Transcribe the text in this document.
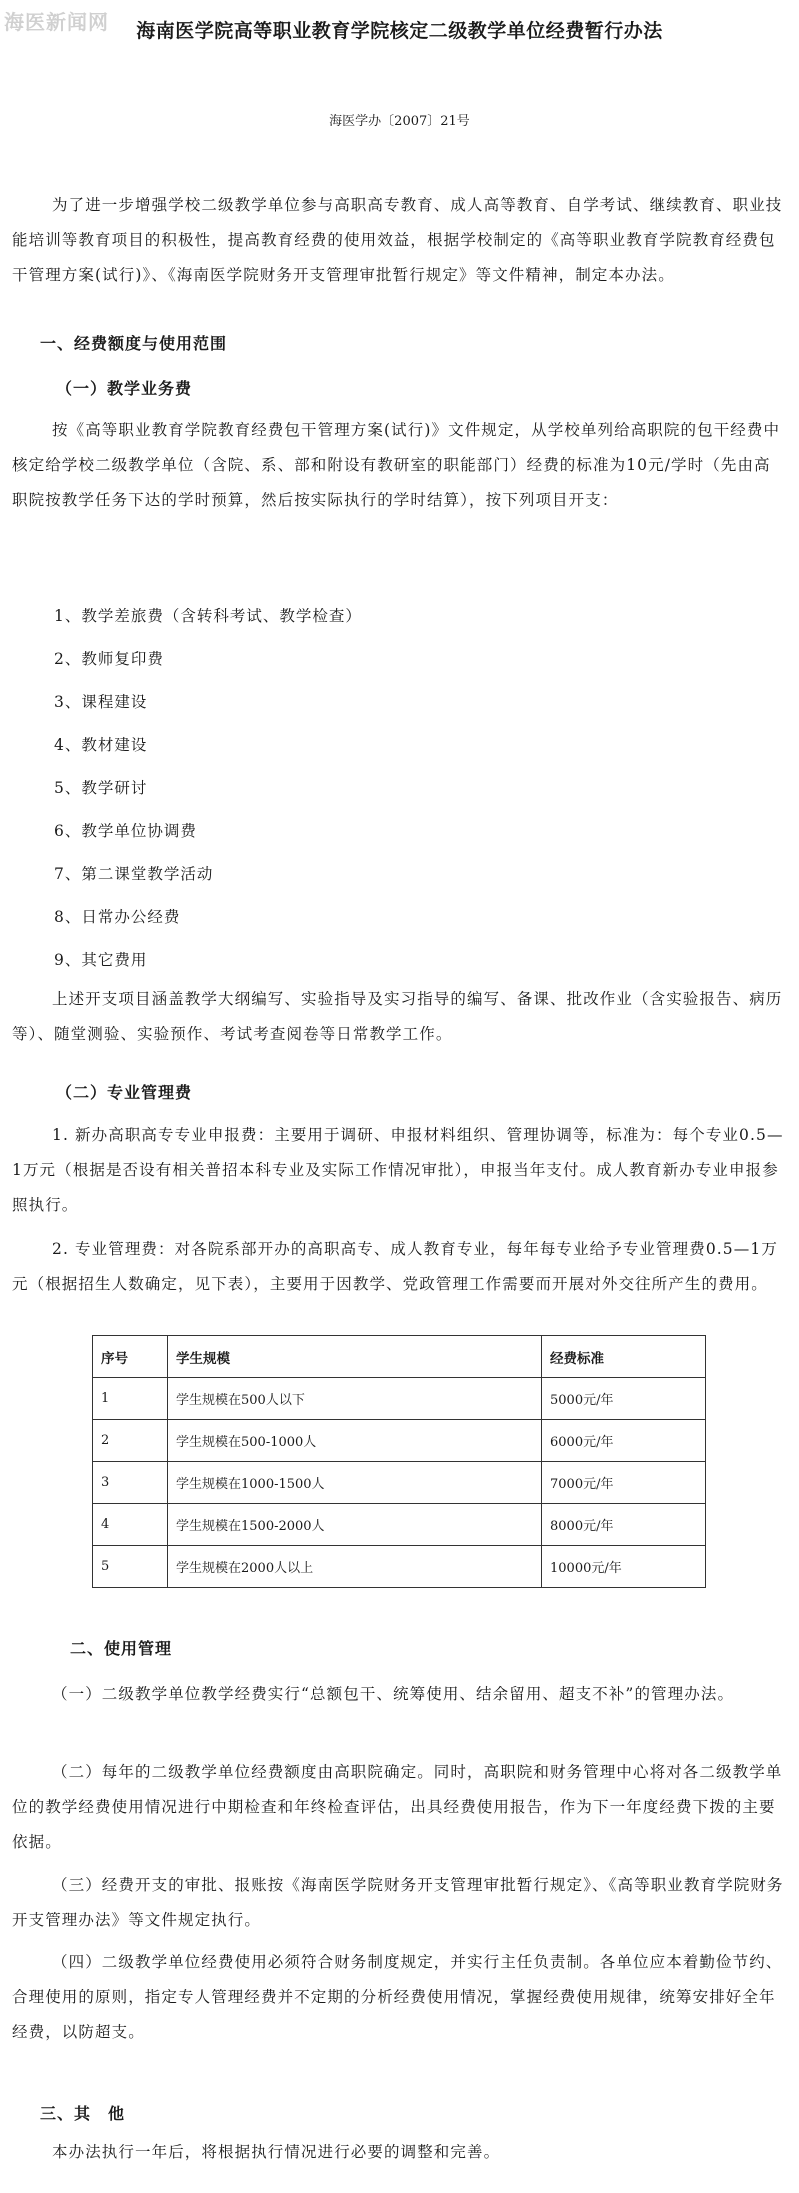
海医新闻网	海南医学院高等职业教育学院核定二级教学单位经费暂行办法
海医学办〔2007〕21号
为了进一步增强学校二级教学单位参与高职高专教育、成人高等教育、自学考试、继续教育、职业技能培训等教育项目的积极性，提高教育经费的使用效益，根据学校制定的《高等职业教育学院教育经费包干管理方案(试行)》、《海南医学院财务开支管理审批暂行规定》等文件精神，制定本办法。
一、经费额度与使用范围
（一）教学业务费
按《高等职业教育学院教育经费包干管理方案(试行)》文件规定，从学校单列给高职院的包干经费中核定给学校二级教学单位（含院、系、部和附设有教研室的职能部门）经费的标准为10元/学时（先由高职院按教学任务下达的学时预算，然后按实际执行的学时结算），按下列项目开支：
1、教学差旅费（含转科考试、教学检查）
2、教师复印费
3、课程建设
4、教材建设
5、教学研讨
6、教学单位协调费
7、第二课堂教学活动
8、日常办公经费
9、其它费用
上述开支项目涵盖教学大纲编写、实验指导及实习指导的编写、备课、批改作业（含实验报告、病历等）、随堂测验、实验预作、考试考查阅卷等日常教学工作。
（二）专业管理费
1. 新办高职高专专业申报费：主要用于调研、申报材料组织、管理协调等，标准为：每个专业0.5—1万元（根据是否设有相关普招本科专业及实际工作情况审批），申报当年支付。成人教育新办专业申报参照执行。
2. 专业管理费：对各院系部开办的高职高专、成人教育专业，每年每专业给予专业管理费0.5—1万元（根据招生人数确定，见下表），主要用于因教学、党政管理工作需要而开展对外交往所产生的费用。
序号	学生规模	经费标准
1	学生规模在500人以下	5000元/年
2	学生规模在500-1000人	6000元/年
3	学生规模在1000-1500人	7000元/年
4	学生规模在1500-2000人	8000元/年
5	学生规模在2000人以上	10000元/年
二、使用管理
（一）二级教学单位教学经费实行“总额包干、统筹使用、结余留用、超支不补”的管理办法。
（二）每年的二级教学单位经费额度由高职院确定。同时，高职院和财务管理中心将对各二级教学单位的教学经费使用情况进行中期检查和年终检查评估，出具经费使用报告，作为下一年度经费下拨的主要依据。
（三）经费开支的审批、报账按《海南医学院财务开支管理审批暂行规定》、《高等职业教育学院财务开支管理办法》等文件规定执行。
（四）二级教学单位经费使用必须符合财务制度规定，并实行主任负责制。各单位应本着勤俭节约、合理使用的原则，指定专人管理经费并不定期的分析经费使用情况，掌握经费使用规律，统筹安排好全年经费，以防超支。
三、其　他
本办法执行一年后，将根据执行情况进行必要的调整和完善。
